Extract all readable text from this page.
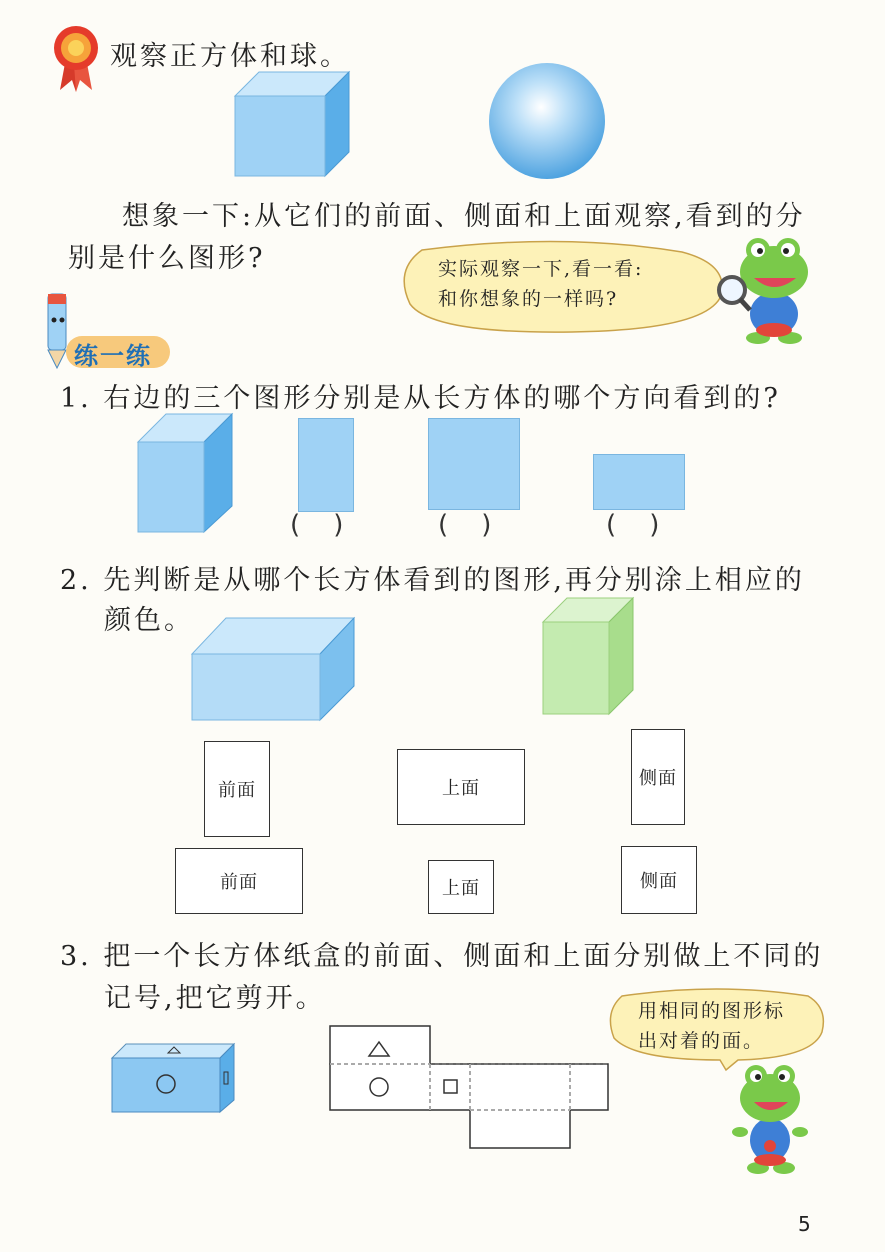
观察正方体和球。
想象一下:从它们的前面、侧面和上面观察,看到的分
别是什么图形?	实际观察一下,看一看:
和你想象的一样吗?
练一练
1. 右边的三个图形分别是从长方体的哪个方向看到的?
(    )	(    )	(    )
2. 先判断是从哪个长方体看到的图形,再分别涂上相应的
颜色。
前面	上面	侧面
前面	上面	侧面
3. 把一个长方体纸盒的前面、侧面和上面分别做上不同的
记号,把它剪开。	用相同的图形标
出对着的面。
5
